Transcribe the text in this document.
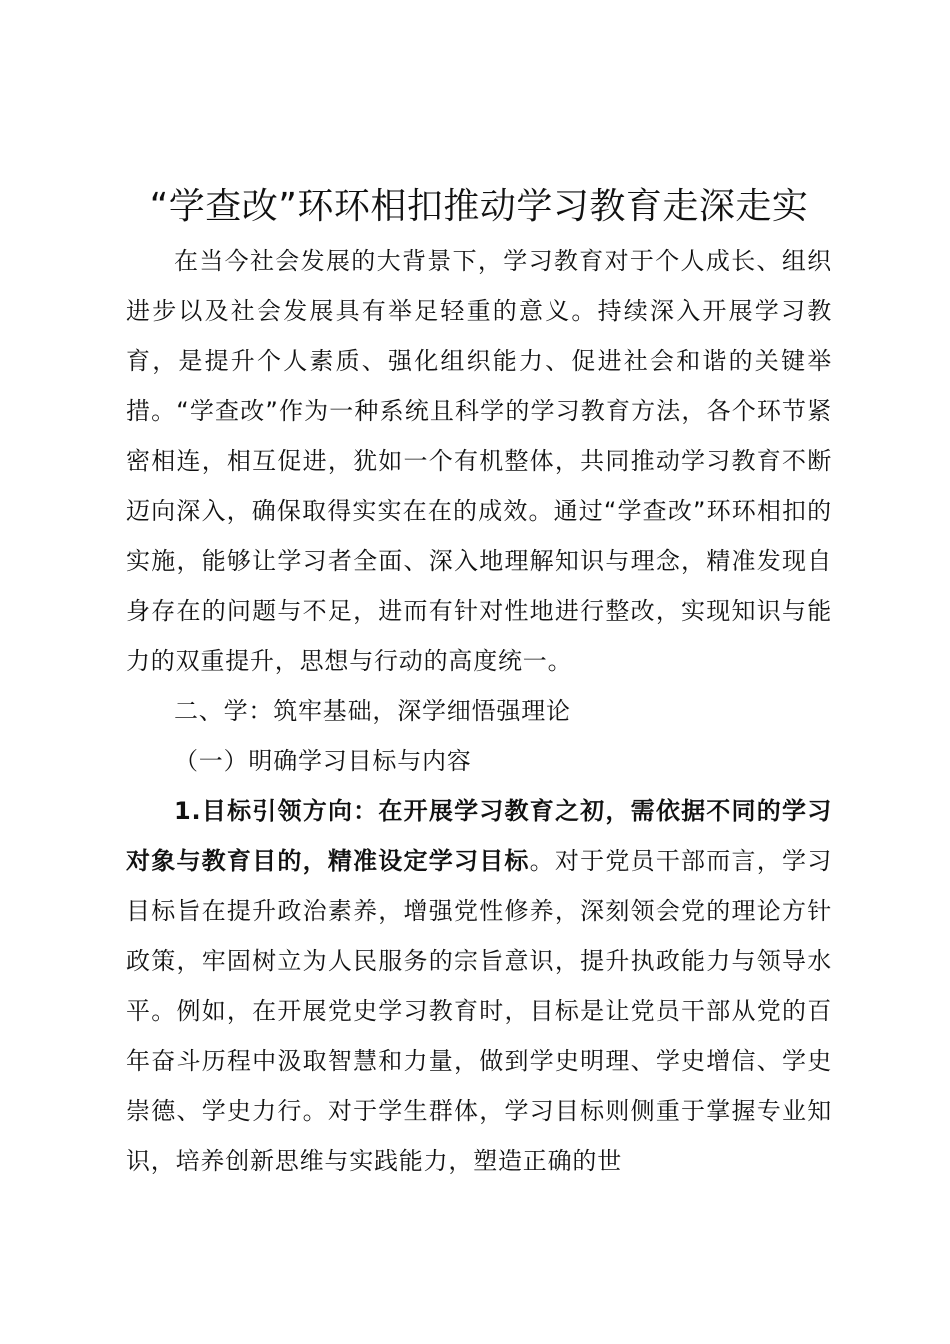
“学查改”环环相扣推动学习教育走深走实

在当今社会发展的大背景下，学习教育对于个人成长、组织进步以及社会发展具有举足轻重的意义。持续深入开展学习教育，是提升个人素质、强化组织能力、促进社会和谐的关键举措。“学查改”作为一种系统且科学的学习教育方法，各个环节紧密相连，相互促进，犹如一个有机整体，共同推动学习教育不断迈向深入，确保取得实实在在的成效。通过“学查改”环环相扣的实施，能够让学习者全面、深入地理解知识与理念，精准发现自身存在的问题与不足，进而有针对性地进行整改，实现知识与能力的双重提升，思想与行动的高度统一。

二、学：筑牢基础，深学细悟强理论

（一）明确学习目标与内容

1.目标引领方向：在开展学习教育之初，需依据不同的学习对象与教育目的，精准设定学习目标。对于党员干部而言，学习目标旨在提升政治素养，增强党性修养，深刻领会党的理论方针政策，牢固树立为人民服务的宗旨意识，提升执政能力与领导水平。例如，在开展党史学习教育时，目标是让党员干部从党的百年奋斗历程中汲取智慧和力量，做到学史明理、学史增信、学史崇德、学史力行。对于学生群体，学习目标则侧重于掌握专业知识，培养创新思维与实践能力，塑造正确的世
